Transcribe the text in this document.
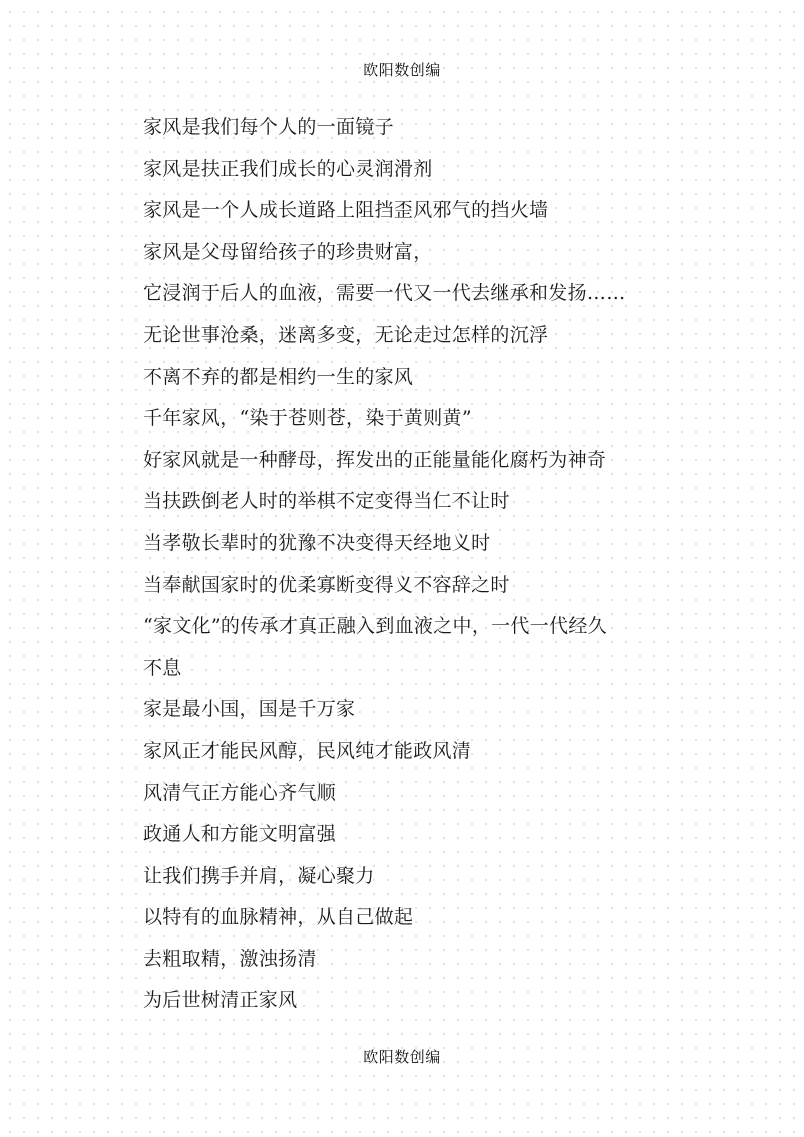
欧阳数创编
家风是我们每个人的一面镜子
家风是扶正我们成长的心灵润滑剂
家风是一个人成长道路上阻挡歪风邪气的挡火墙
家风是父母留给孩子的珍贵财富，
它浸润于后人的血液，需要一代又一代去继承和发扬……
无论世事沧桑，迷离多变，无论走过怎样的沉浮
不离不弃的都是相约一生的家风
千年家风，“染于苍则苍，染于黄则黄”
好家风就是一种酵母，挥发出的正能量能化腐朽为神奇
当扶跌倒老人时的举棋不定变得当仁不让时
当孝敬长辈时的犹豫不决变得天经地义时
当奉献国家时的优柔寡断变得义不容辞之时
“家文化”的传承才真正融入到血液之中，一代一代经久
不息
家是最小国，国是千万家
家风正才能民风醇，民风纯才能政风清
风清气正方能心齐气顺
政通人和方能文明富强
让我们携手并肩，凝心聚力
以特有的血脉精神，从自己做起
去粗取精，激浊扬清
为后世树清正家风
欧阳数创编
